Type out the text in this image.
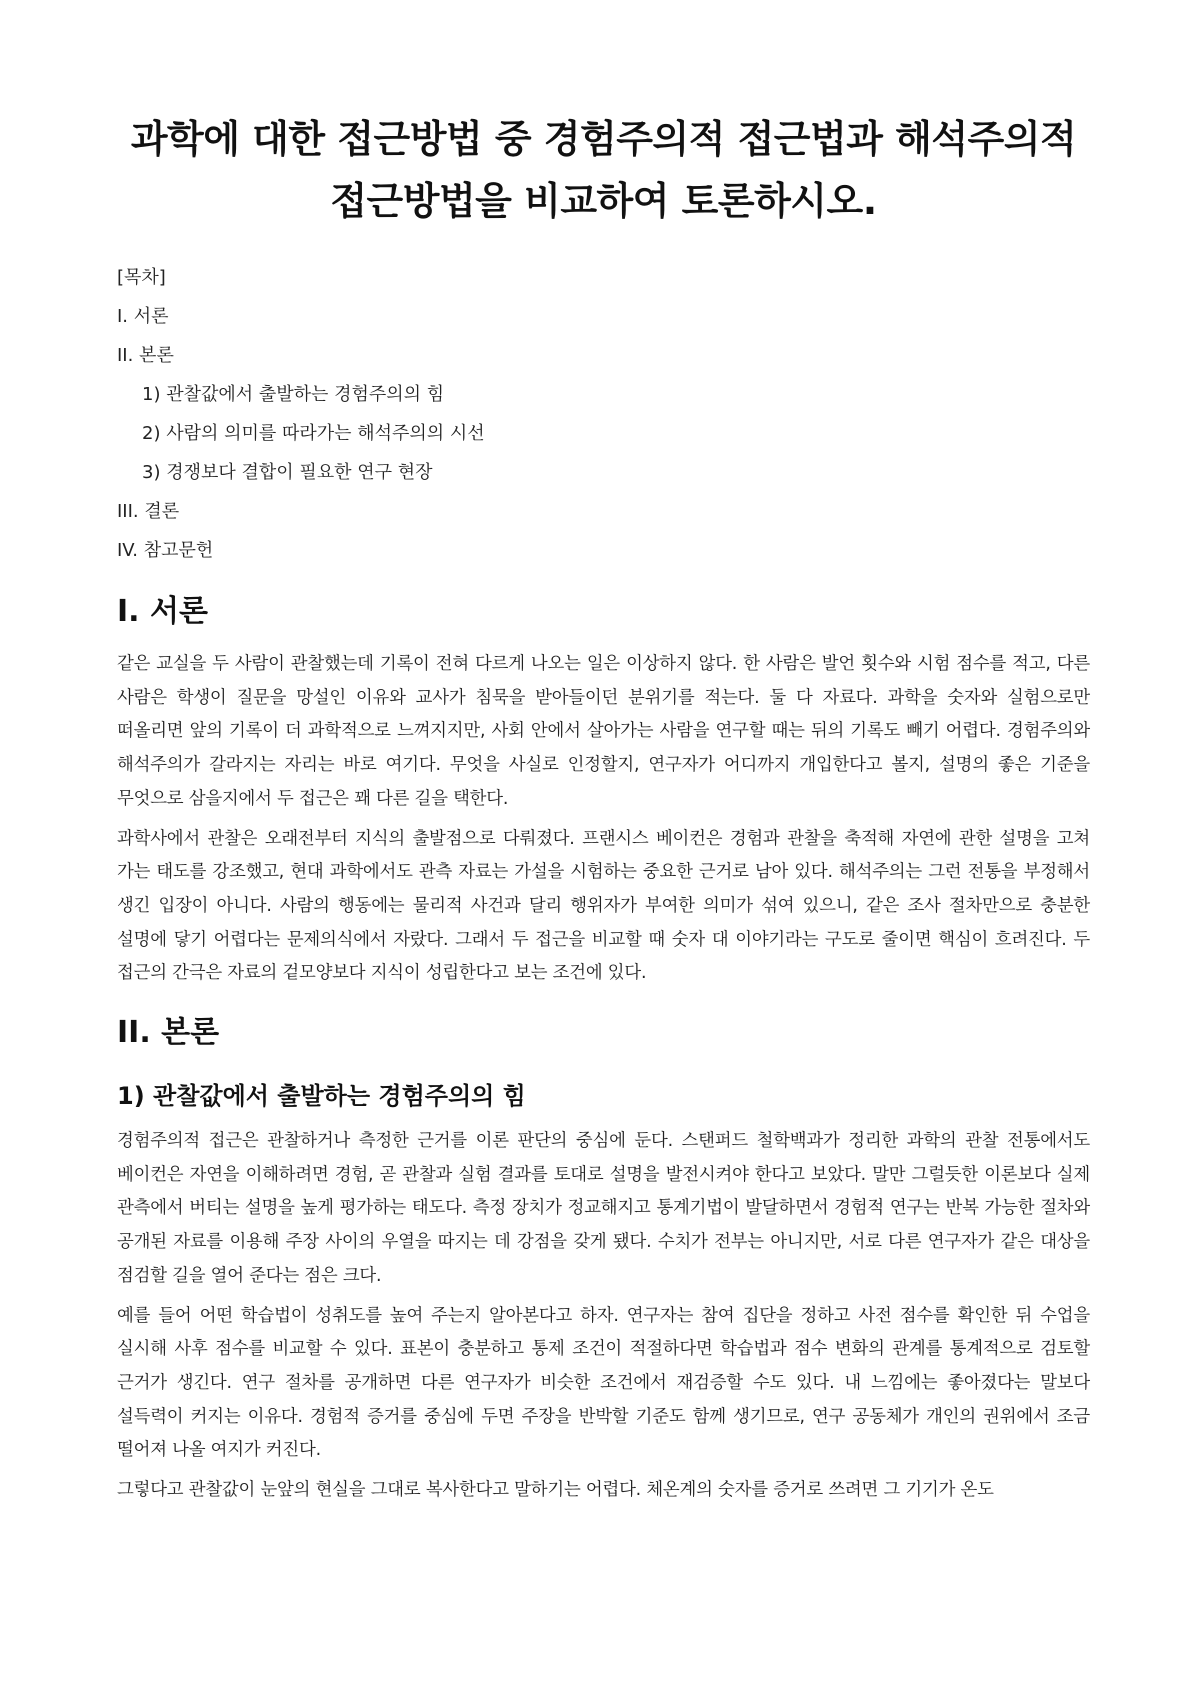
과학에 대한 접근방법 중 경험주의적 접근법과 해석주의적 접근방법을 비교하여 토론하시오.
[목차]
I. 서론
II. 본론
1) 관찰값에서 출발하는 경험주의의 힘
2) 사람의 의미를 따라가는 해석주의의 시선
3) 경쟁보다 결합이 필요한 연구 현장
III. 결론
IV. 참고문헌
I. 서론

같은 교실을 두 사람이 관찰했는데 기록이 전혀 다르게 나오는 일은 이상하지 않다. 한 사람은 발언 횟수와 시험 점수를 적고, 다른 사람은 학생이 질문을 망설인 이유와 교사가 침묵을 받아들이던 분위기를 적는다. 둘 다 자료다. 과학을 숫자와 실험으로만 떠올리면 앞의 기록이 더 과학적으로 느껴지지만, 사회 안에서 살아가는 사람을 연구할 때는 뒤의 기록도 빼기 어렵다. 경험주의와 해석주의가 갈라지는 자리는 바로 여기다. 무엇을 사실로 인정할지, 연구자가 어디까지 개입한다고 볼지, 설명의 좋은 기준을 무엇으로 삼을지에서 두 접근은 꽤 다른 길을 택한다.

과학사에서 관찰은 오래전부터 지식의 출발점으로 다뤄졌다. 프랜시스 베이컨은 경험과 관찰을 축적해 자연에 관한 설명을 고쳐 가는 태도를 강조했고, 현대 과학에서도 관측 자료는 가설을 시험하는 중요한 근거로 남아 있다. 해석주의는 그런 전통을 부정해서 생긴 입장이 아니다. 사람의 행동에는 물리적 사건과 달리 행위자가 부여한 의미가 섞여 있으니, 같은 조사 절차만으로 충분한 설명에 닿기 어렵다는 문제의식에서 자랐다. 그래서 두 접근을 비교할 때 숫자 대 이야기라는 구도로 줄이면 핵심이 흐려진다. 두 접근의 간극은 자료의 겉모양보다 지식이 성립한다고 보는 조건에 있다.

II. 본론
1) 관찰값에서 출발하는 경험주의의 힘

경험주의적 접근은 관찰하거나 측정한 근거를 이론 판단의 중심에 둔다. 스탠퍼드 철학백과가 정리한 과학의 관찰 전통에서도 베이컨은 자연을 이해하려면 경험, 곧 관찰과 실험 결과를 토대로 설명을 발전시켜야 한다고 보았다. 말만 그럴듯한 이론보다 실제 관측에서 버티는 설명을 높게 평가하는 태도다. 측정 장치가 정교해지고 통계기법이 발달하면서 경험적 연구는 반복 가능한 절차와 공개된 자료를 이용해 주장 사이의 우열을 따지는 데 강점을 갖게 됐다. 수치가 전부는 아니지만, 서로 다른 연구자가 같은 대상을 점검할 길을 열어 준다는 점은 크다.

예를 들어 어떤 학습법이 성취도를 높여 주는지 알아본다고 하자. 연구자는 참여 집단을 정하고 사전 점수를 확인한 뒤 수업을 실시해 사후 점수를 비교할 수 있다. 표본이 충분하고 통제 조건이 적절하다면 학습법과 점수 변화의 관계를 통계적으로 검토할 근거가 생긴다. 연구 절차를 공개하면 다른 연구자가 비슷한 조건에서 재검증할 수도 있다. 내 느낌에는 좋아졌다는 말보다 설득력이 커지는 이유다. 경험적 증거를 중심에 두면 주장을 반박할 기준도 함께 생기므로, 연구 공동체가 개인의 권위에서 조금 떨어져 나올 여지가 커진다.

그렇다고 관찰값이 눈앞의 현실을 그대로 복사한다고 말하기는 어렵다. 체온계의 숫자를 증거로 쓰려면 그 기기가 온도
